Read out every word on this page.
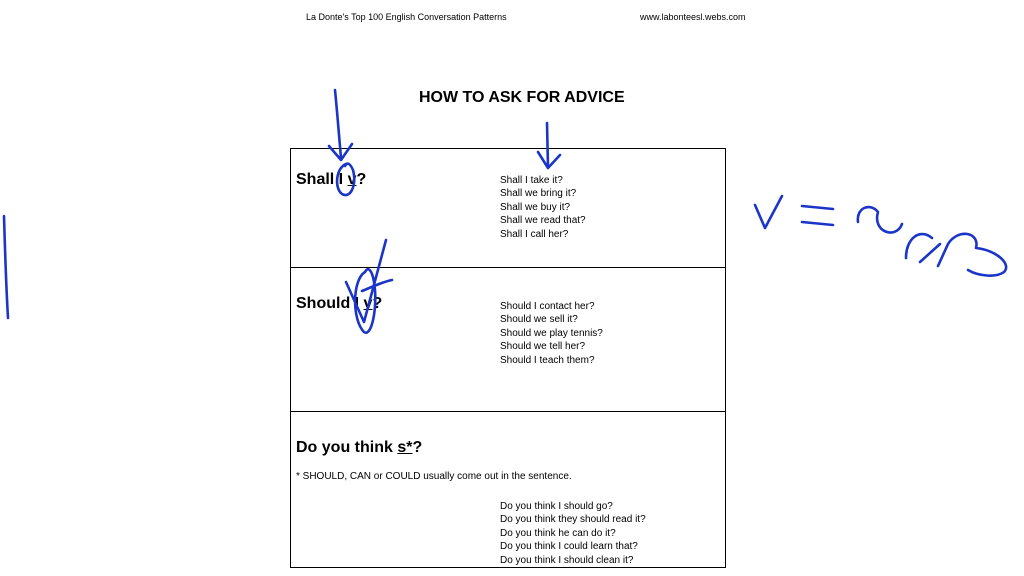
La Donte's Top 100 English Conversation Patterns	www.labonteesl.webs.com
HOW TO ASK FOR ADVICE
Shall I v?	Shall I take it?
Shall we bring it?
Shall we buy it?
Shall we read that?
Shall I call her?
Should I v?	Should I contact her?
Should we sell it?
Should we play tennis?
Should we tell her?
Should I teach them?
Do you think s*?
* SHOULD, CAN or COULD usually come out in the sentence.
Do you think I should go?
Do you think they should read it?
Do you think he can do it?
Do you think I could learn that?
Do you think I should clean it?
